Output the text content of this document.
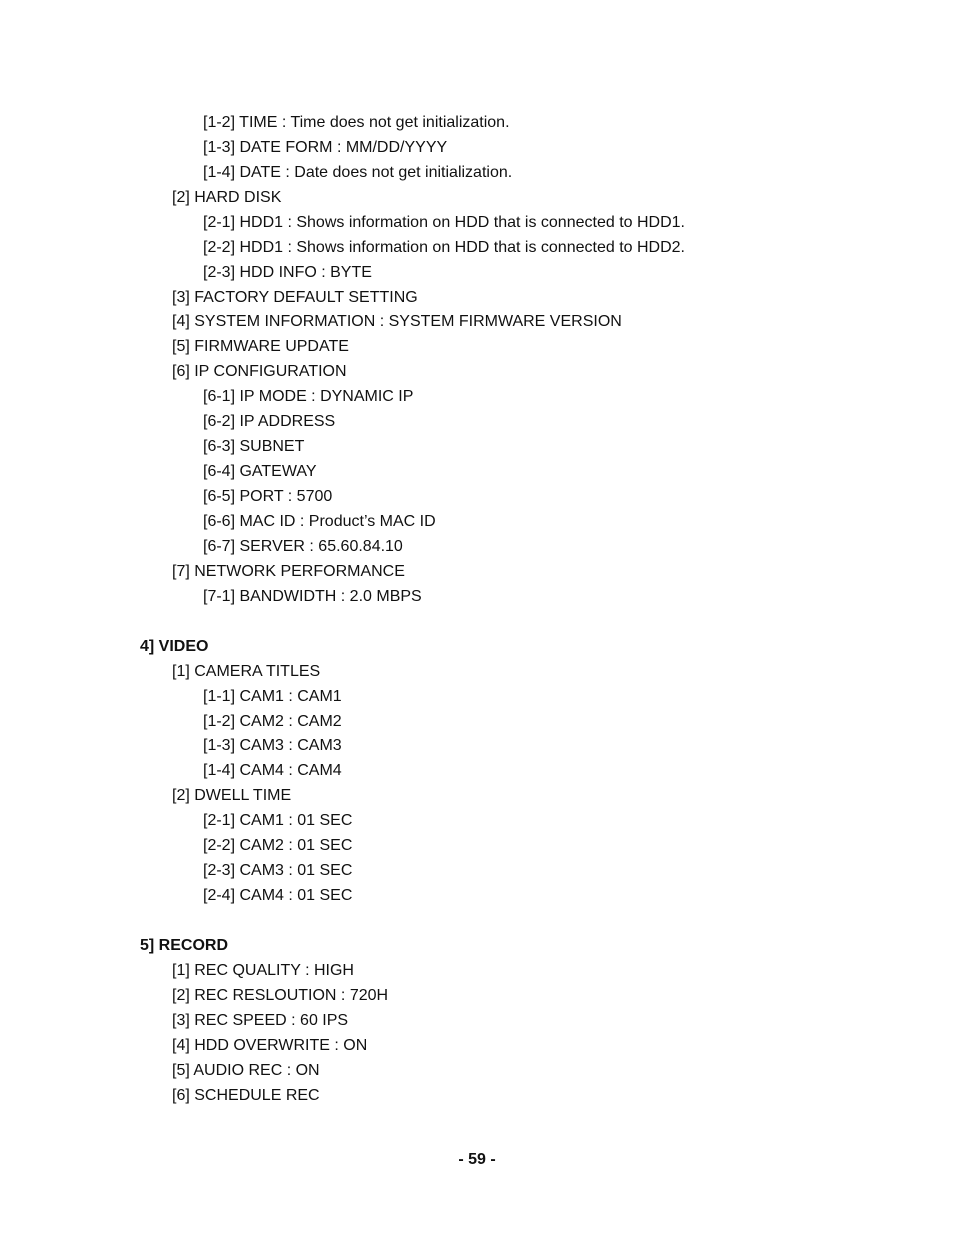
[1-2] TIME : Time does not get initialization.
[1-3] DATE FORM : MM/DD/YYYY
[1-4] DATE : Date does not get initialization.
[2] HARD DISK
[2-1] HDD1 : Shows information on HDD that is connected to HDD1.
[2-2] HDD1 : Shows information on HDD that is connected to HDD2.
[2-3] HDD INFO : BYTE
[3] FACTORY DEFAULT SETTING
[4] SYSTEM INFORMATION : SYSTEM FIRMWARE VERSION
[5] FIRMWARE UPDATE
[6] IP CONFIGURATION
[6-1] IP MODE : DYNAMIC IP
[6-2] IP ADDRESS
[6-3] SUBNET
[6-4] GATEWAY
[6-5] PORT : 5700
[6-6] MAC ID : Product’s MAC ID
[6-7] SERVER : 65.60.84.10
[7] NETWORK PERFORMANCE
[7-1] BANDWIDTH : 2.0 MBPS
4] VIDEO
[1] CAMERA TITLES
[1-1] CAM1 : CAM1
[1-2] CAM2 : CAM2
[1-3] CAM3 : CAM3
[1-4] CAM4 : CAM4
[2] DWELL TIME
[2-1] CAM1 : 01 SEC
[2-2] CAM2 : 01 SEC
[2-3] CAM3 : 01 SEC
[2-4] CAM4 : 01 SEC
5] RECORD
[1] REC QUALITY : HIGH
[2] REC RESLOUTION : 720H
[3] REC SPEED : 60 IPS
[4] HDD OVERWRITE : ON
[5] AUDIO REC : ON
[6] SCHEDULE REC
- 59 -
